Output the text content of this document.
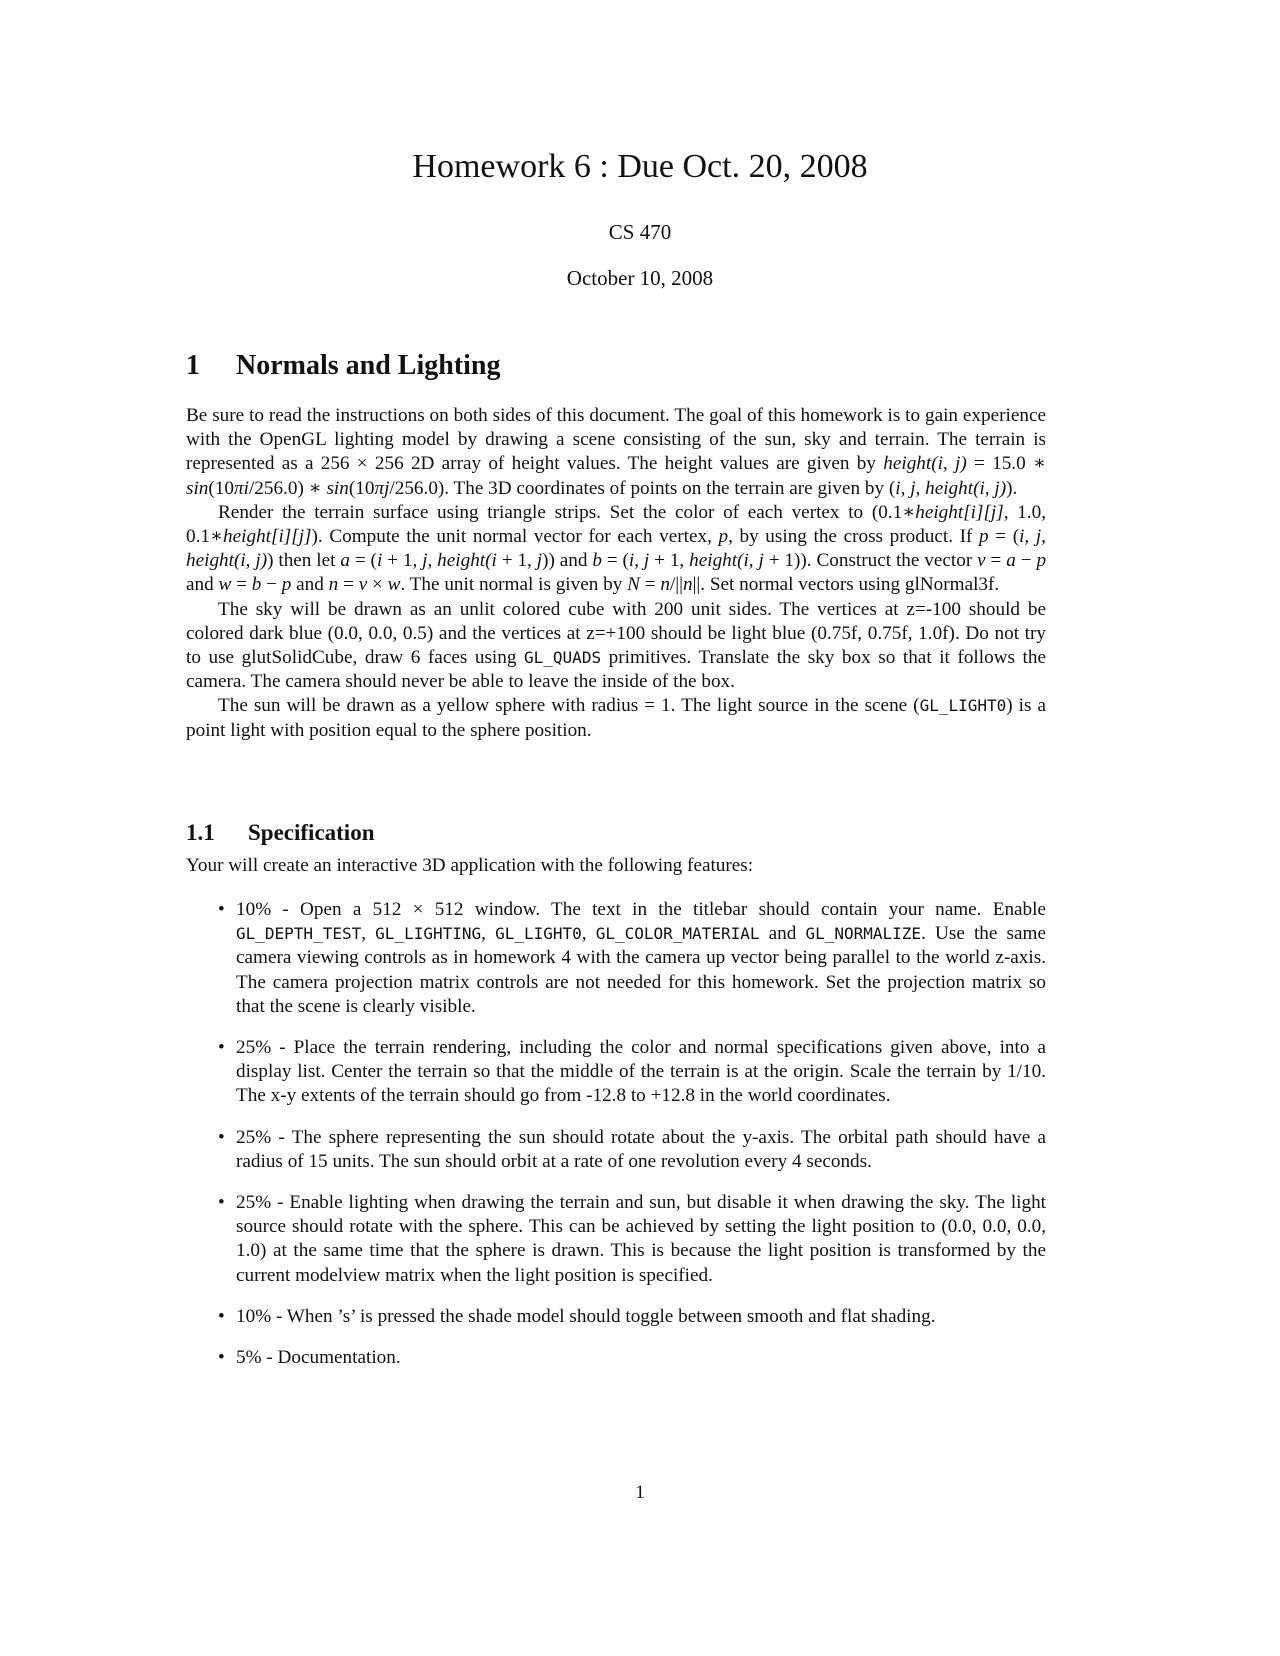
Homework 6 : Due Oct. 20, 2008
CS 470
October 10, 2008
1 Normals and Lighting

Be sure to read the instructions on both sides of this document. The goal of this homework is to gain experience with the OpenGL lighting model by drawing a scene consisting of the sun, sky and terrain. The terrain is represented as a 256 × 256 2D array of height values. The height values are given by height(i, j) = 15.0 ∗ sin(10πi/256.0) ∗ sin(10πj/256.0). The 3D coordinates of points on the terrain are given by (i, j, height(i, j)).

Render the terrain surface using triangle strips. Set the color of each vertex to (0.1∗height[i][j], 1.0, 0.1∗height[i][j]). Compute the unit normal vector for each vertex, p, by using the cross product. If p = (i, j, height(i, j)) then let a = (i + 1, j, height(i + 1, j)) and b = (i, j + 1, height(i, j + 1)). Construct the vector v = a − p and w = b − p and n = v × w. The unit normal is given by N = n/||n||. Set normal vectors using glNormal3f.

The sky will be drawn as an unlit colored cube with 200 unit sides. The vertices at z=-100 should be colored dark blue (0.0, 0.0, 0.5) and the vertices at z=+100 should be light blue (0.75f, 0.75f, 1.0f). Do not try to use glutSolidCube, draw 6 faces using GL_QUADS primitives. Translate the sky box so that it follows the camera. The camera should never be able to leave the inside of the box.

The sun will be drawn as a yellow sphere with radius = 1. The light source in the scene (GL_LIGHT0) is a point light with position equal to the sphere position.

1.1 Specification
Your will create an interactive 3D application with the following features:
• 10% - Open a 512 × 512 window. The text in the titlebar should contain your name. Enable GL_DEPTH_TEST, GL_LIGHTING, GL_LIGHT0, GL_COLOR_MATERIAL and GL_NORMALIZE. Use the same camera viewing controls as in homework 4 with the camera up vector being parallel to the world z-axis. The camera projection matrix controls are not needed for this homework. Set the projection matrix so that the scene is clearly visible.
• 25% - Place the terrain rendering, including the color and normal specifications given above, into a display list. Center the terrain so that the middle of the terrain is at the origin. Scale the terrain by 1/10. The x-y extents of the terrain should go from -12.8 to +12.8 in the world coordinates.
• 25% - The sphere representing the sun should rotate about the y-axis. The orbital path should have a radius of 15 units. The sun should orbit at a rate of one revolution every 4 seconds.
• 25% - Enable lighting when drawing the terrain and sun, but disable it when drawing the sky. The light source should rotate with the sphere. This can be achieved by setting the light position to (0.0, 0.0, 0.0, 1.0) at the same time that the sphere is drawn. This is because the light position is transformed by the current modelview matrix when the light position is specified.
• 10% - When ’s’ is pressed the shade model should toggle between smooth and flat shading.
• 5% - Documentation.
1
